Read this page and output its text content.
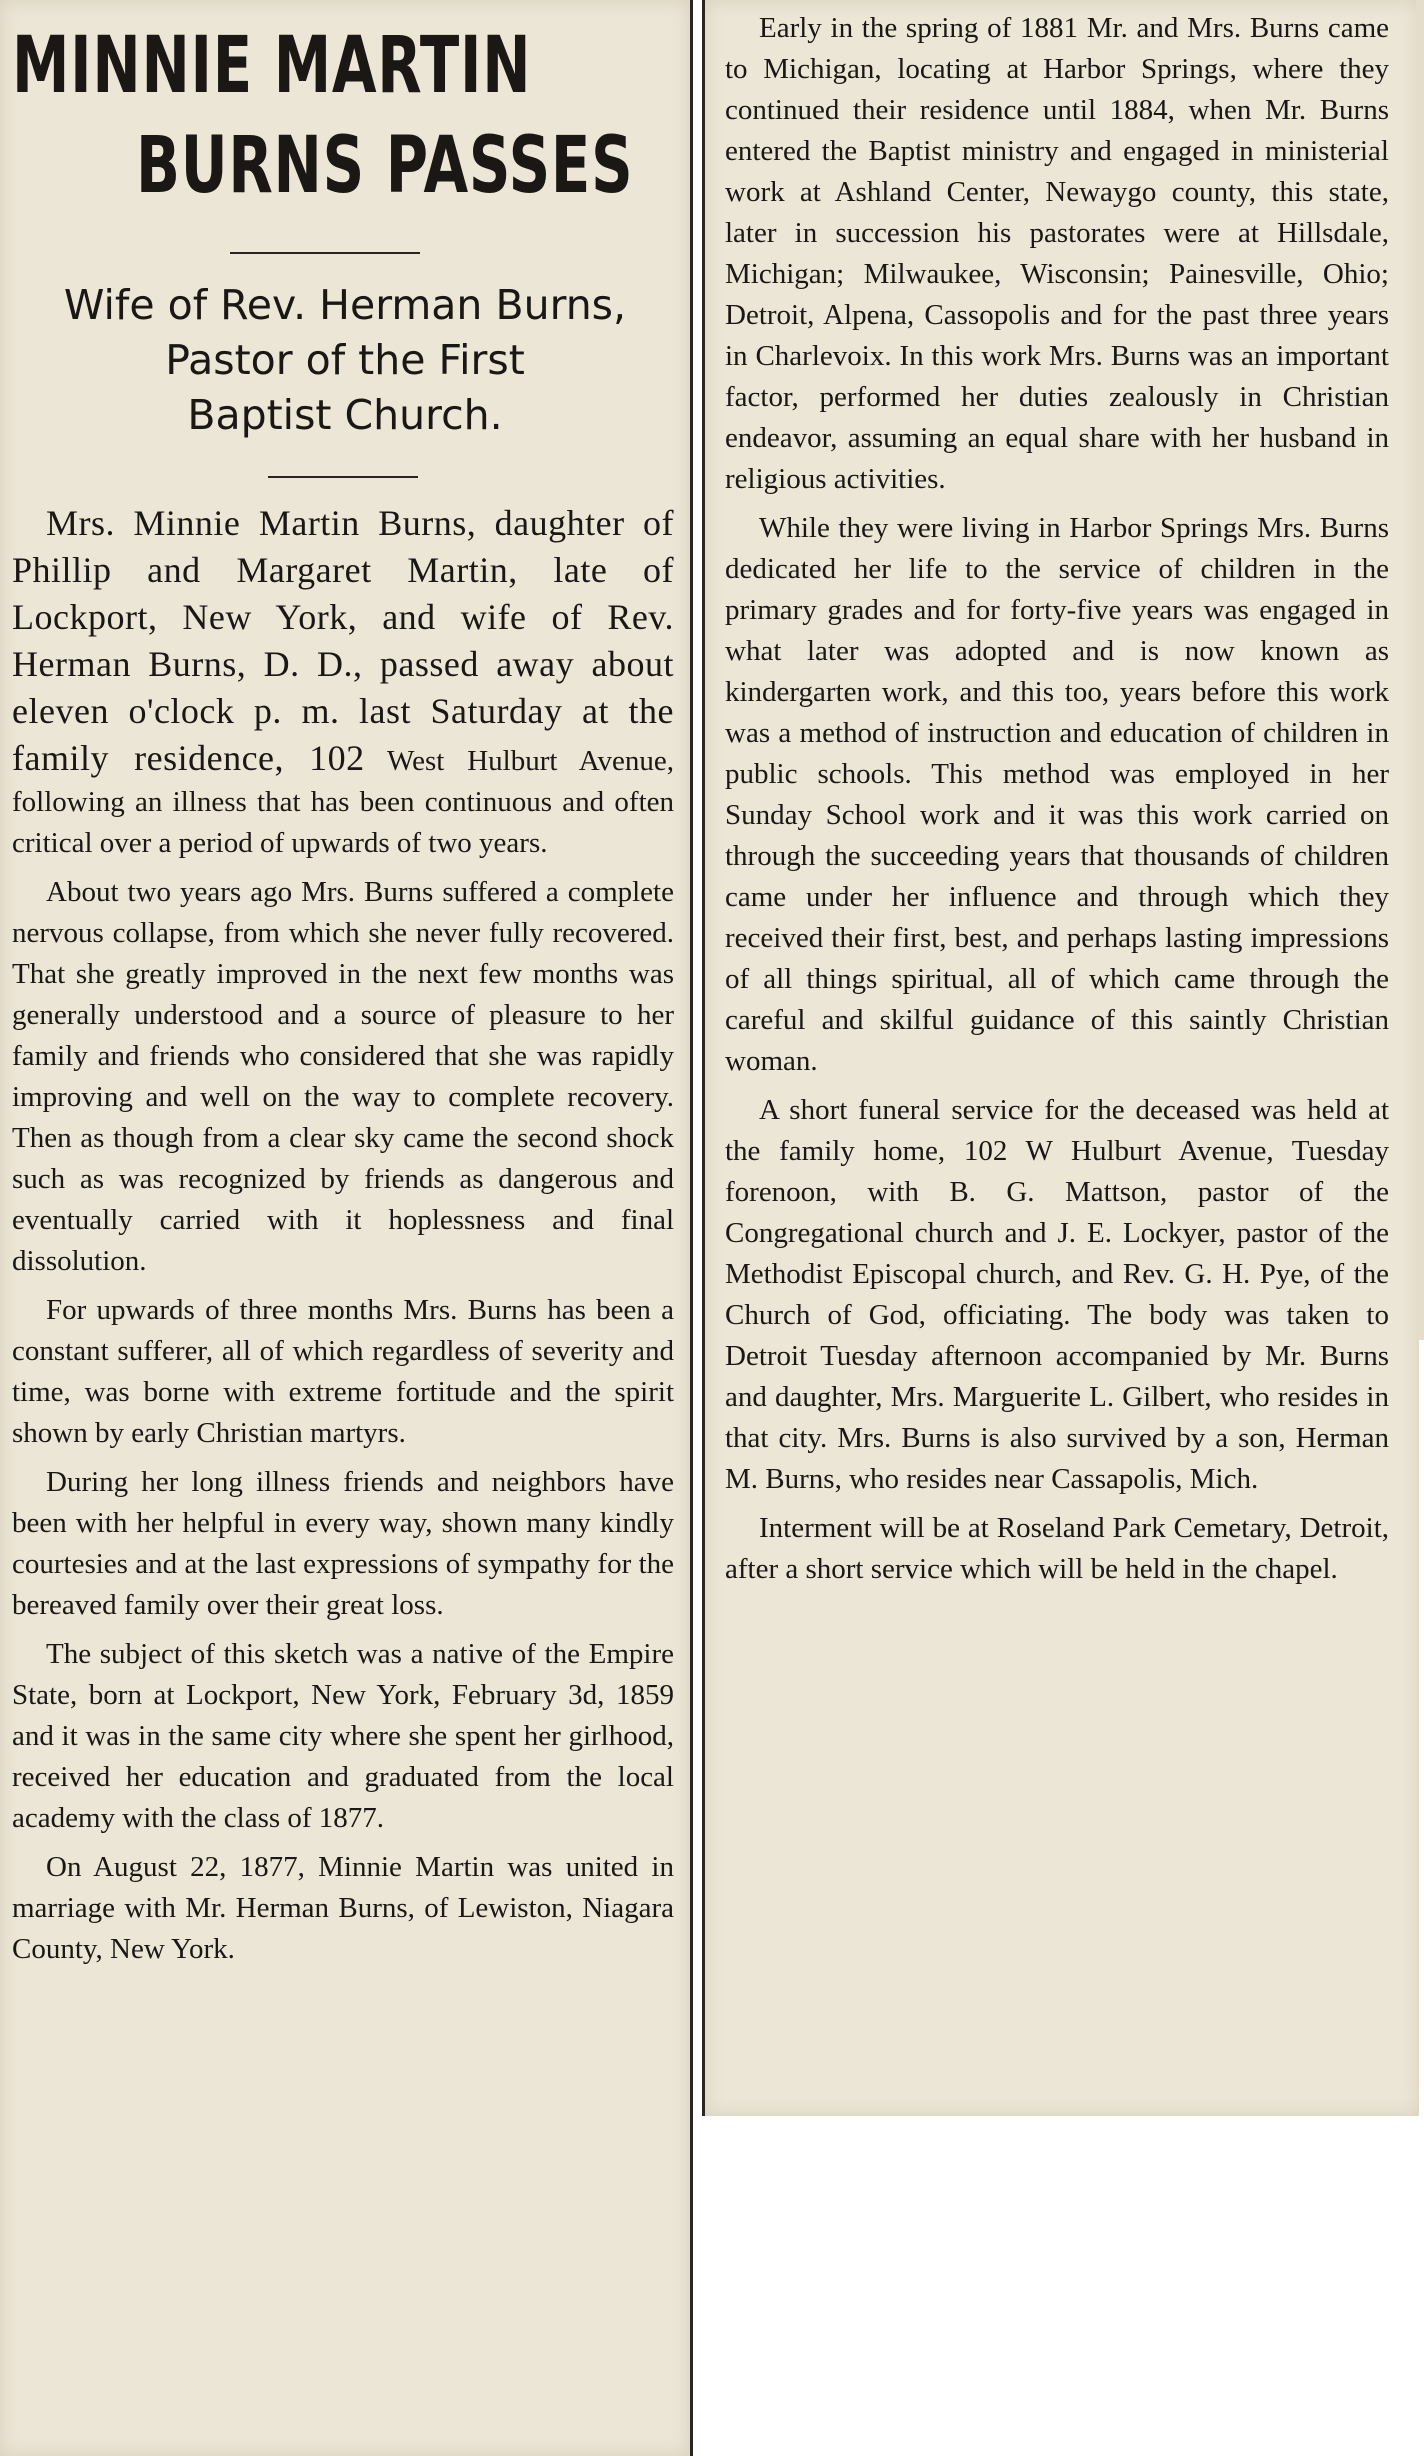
MINNIE MARTIN
BURNS PASSES
Wife of Rev. Herman Burns,
Pastor of the First
Baptist Church.

Mrs. Minnie Martin Burns, daughter of Phillip and Margaret Martin, late of Lockport, New York, and wife of Rev. Herman Burns, D. D., passed away about eleven o'clock p. m. last Saturday at the family residence, 102 West Hulburt Avenue, following an illness that has been continuous and often critical over a period of upwards of two years.

About two years ago Mrs. Burns suffered a complete nervous collapse, from which she never fully recovered. That she greatly improved in the next few months was generally understood and a source of pleasure to her family and friends who considered that she was rapidly improving and well on the way to complete recovery. Then as though from a clear sky came the second shock such as was recognized by friends as dangerous and eventually carried with it hoplessness and final dissolution.

For upwards of three months Mrs. Burns has been a constant sufferer, all of which regardless of severity and time, was borne with extreme fortitude and the spirit shown by early Christian martyrs.

During her long illness friends and neighbors have been with her helpful in every way, shown many kindly courtesies and at the last expressions of sympathy for the bereaved family over their great loss.

The subject of this sketch was a native of the Empire State, born at Lockport, New York, February 3d, 1859 and it was in the same city where she spent her girlhood, received her education and graduated from the local academy with the class of 1877.

On August 22, 1877, Minnie Martin was united in marriage with Mr. Herman Burns, of Lewiston, Niagara County, New York.

Early in the spring of 1881 Mr. and Mrs. Burns came to Michigan, locating at Harbor Springs, where they continued their residence until 1884, when Mr. Burns entered the Baptist ministry and engaged in ministerial work at Ashland Center, Newaygo county, this state, later in succession his pastorates were at Hillsdale, Michigan; Milwaukee, Wisconsin; Painesville, Ohio; Detroit, Alpena, Cassopolis and for the past three years in Charlevoix. In this work Mrs. Burns was an important factor, performed her duties zealously in Christian endeavor, assuming an equal share with her husband in religious activities.

While they were living in Harbor Springs Mrs. Burns dedicated her life to the service of children in the primary grades and for forty-five years was engaged in what later was adopted and is now known as kindergarten work, and this too, years before this work was a method of instruction and education of children in public schools. This method was employed in her Sunday School work and it was this work carried on through the succeeding years that thousands of children came under her influence and through which they received their first, best, and perhaps lasting impressions of all things spiritual, all of which came through the careful and skilful guidance of this saintly Christian woman.

A short funeral service for the deceased was held at the family home, 102 W Hulburt Avenue, Tuesday forenoon, with B. G. Mattson, pastor of the Congregational church and J. E. Lockyer, pastor of the Methodist Episcopal church, and Rev. G. H. Pye, of the Church of God, officiating. The body was taken to Detroit Tuesday afternoon accompanied by Mr. Burns and daughter, Mrs. Marguerite L. Gilbert, who resides in that city. Mrs. Burns is also survived by a son, Herman M. Burns, who resides near Cassapolis, Mich.

Interment will be at Roseland Park Cemetary, Detroit, after a short service which will be held in the chapel.
